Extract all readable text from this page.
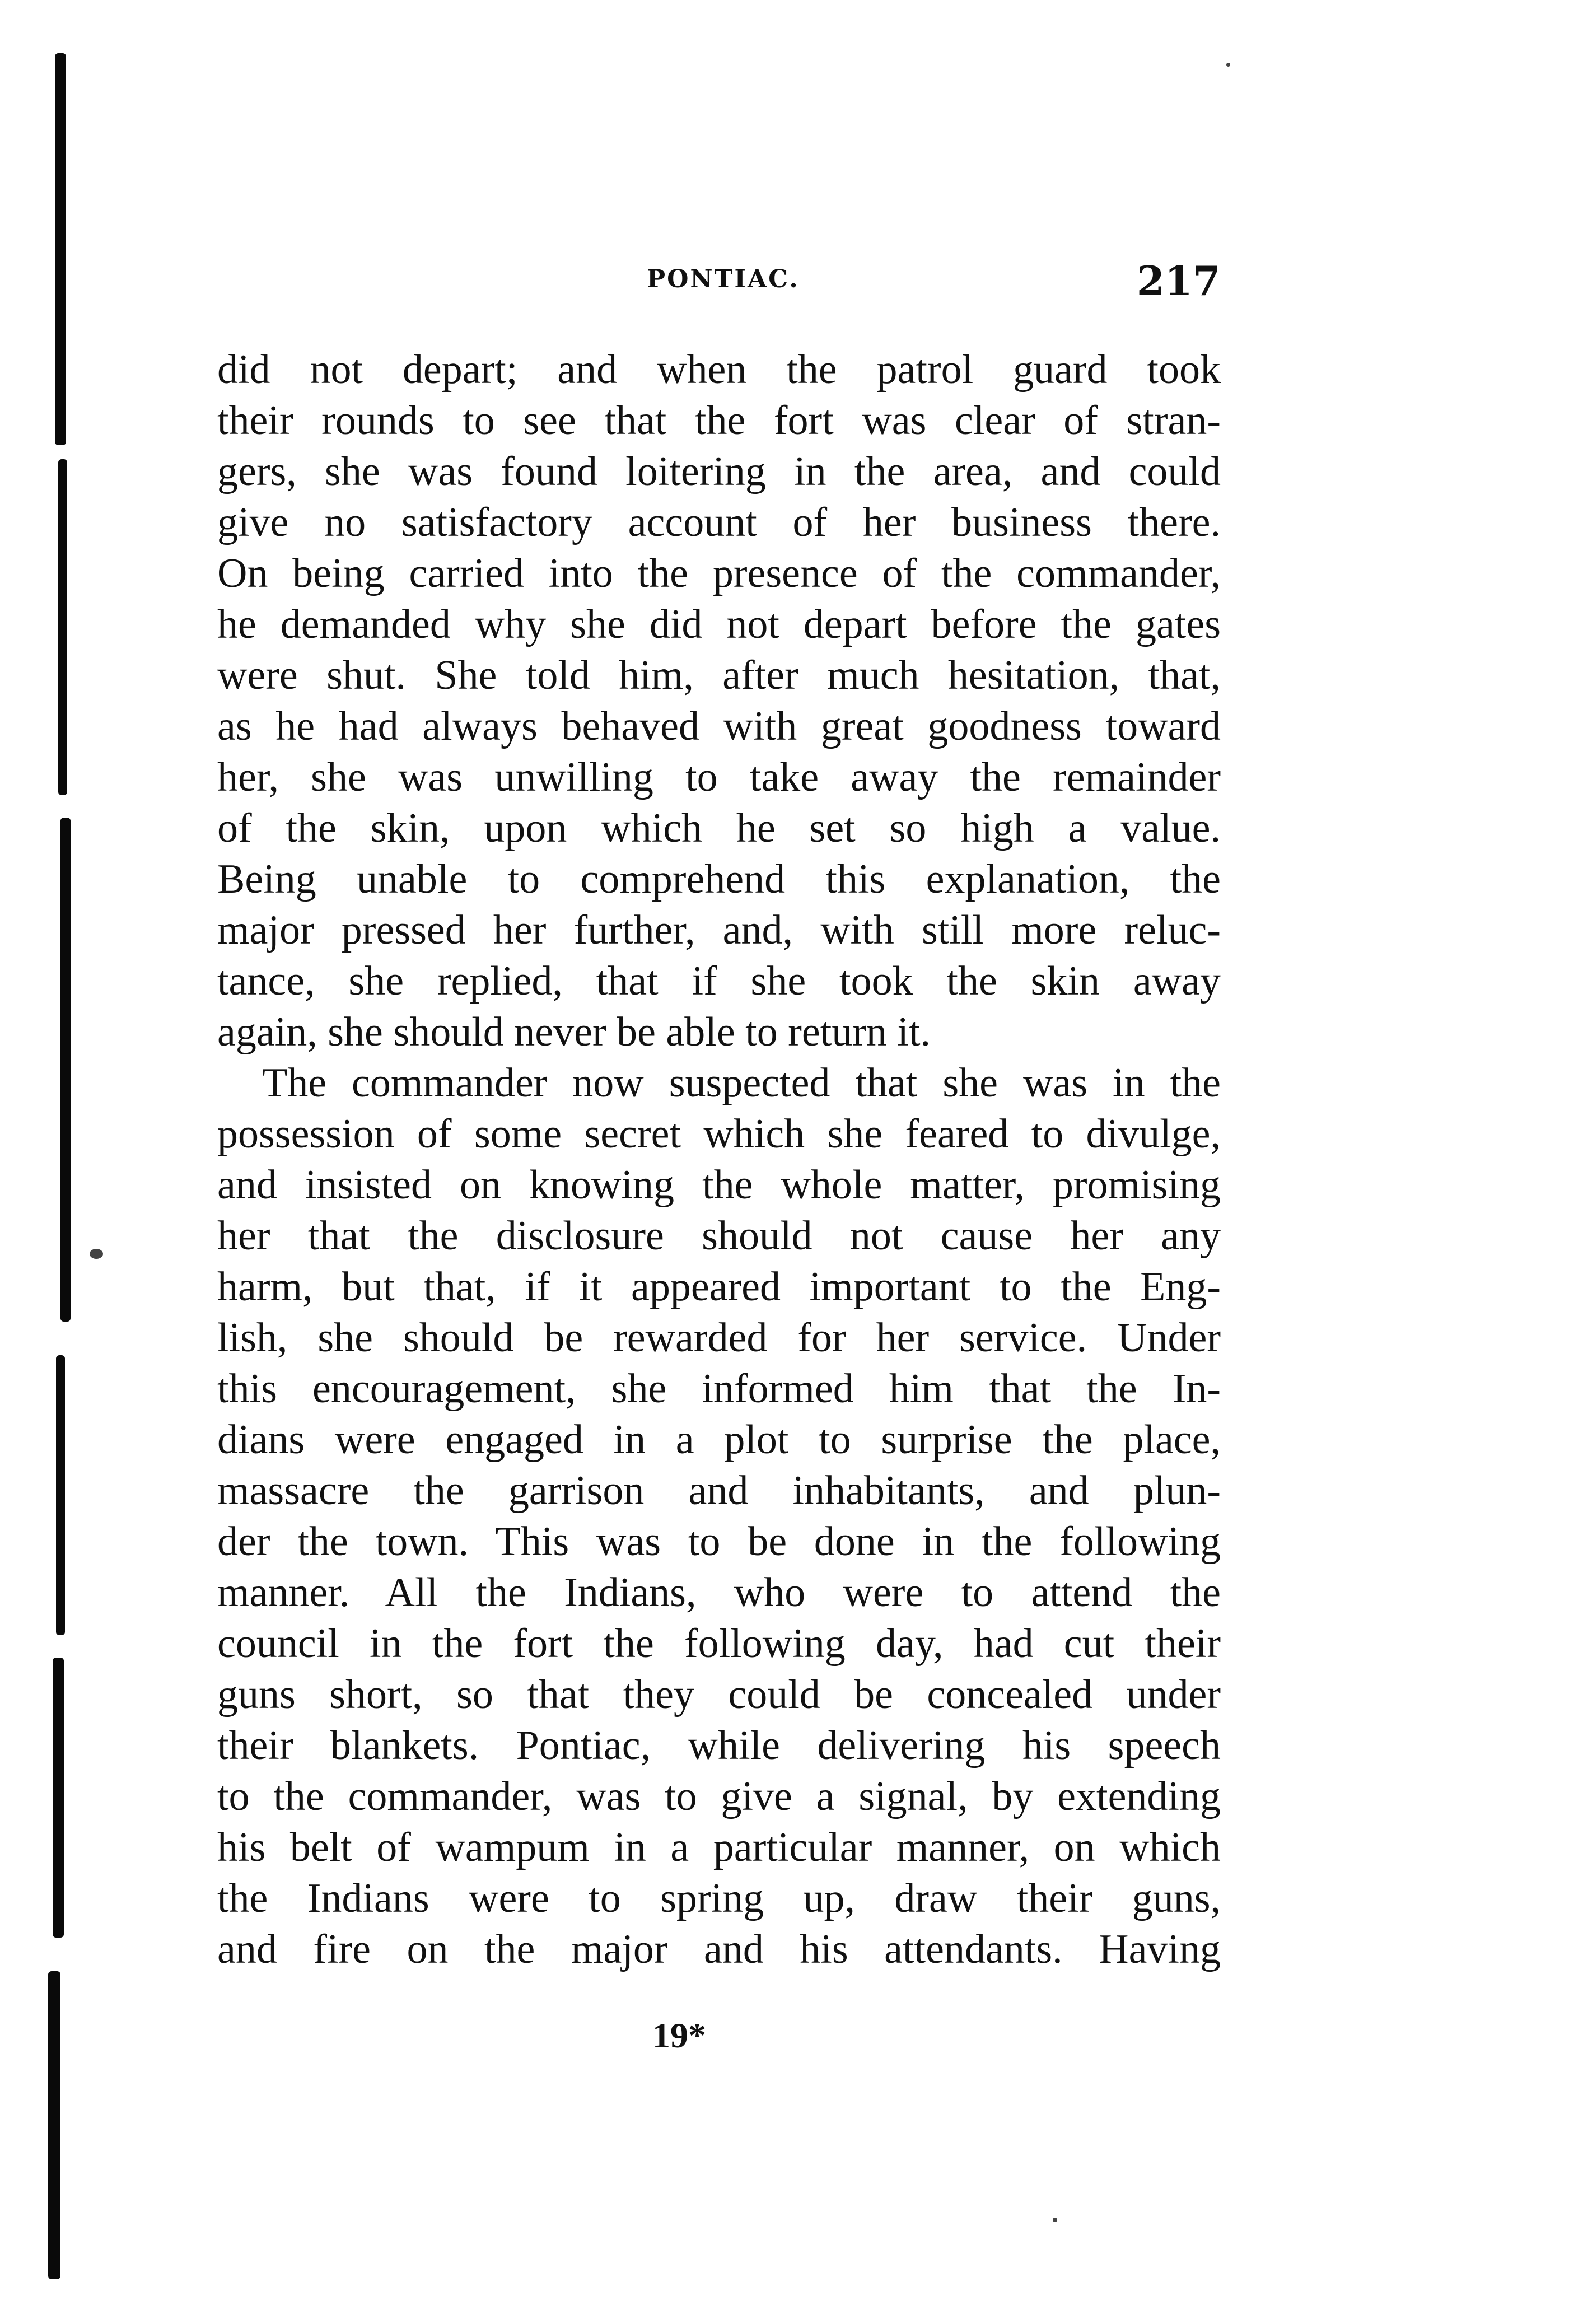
PONTIAC.	217
did not depart; and when the patrol guard took
their rounds to see that the fort was clear of stran-
gers, she was found loitering in the area, and could
give no satisfactory account of her business there.
On being carried into the presence of the commander,
he demanded why she did not depart before the gates
were shut. She told him, after much hesitation, that,
as he had always behaved with great goodness toward
her, she was unwilling to take away the remainder
of the skin, upon which he set so high a value.
Being unable to comprehend this explanation, the
major pressed her further, and, with still more reluc-
tance, she replied, that if she took the skin away
again, she should never be able to return it.
The commander now suspected that she was in the
possession of some secret which she feared to divulge,
and insisted on knowing the whole matter, promising
her that the disclosure should not cause her any
harm, but that, if it appeared important to the Eng-
lish, she should be rewarded for her service. Under
this encouragement, she informed him that the In-
dians were engaged in a plot to surprise the place,
massacre the garrison and inhabitants, and plun-
der the town. This was to be done in the following
manner. All the Indians, who were to attend the
council in the fort the following day, had cut their
guns short, so that they could be concealed under
their blankets. Pontiac, while delivering his speech
to the commander, was to give a signal, by extending
his belt of wampum in a particular manner, on which
the Indians were to spring up, draw their guns,
and fire on the major and his attendants. Having
19*
